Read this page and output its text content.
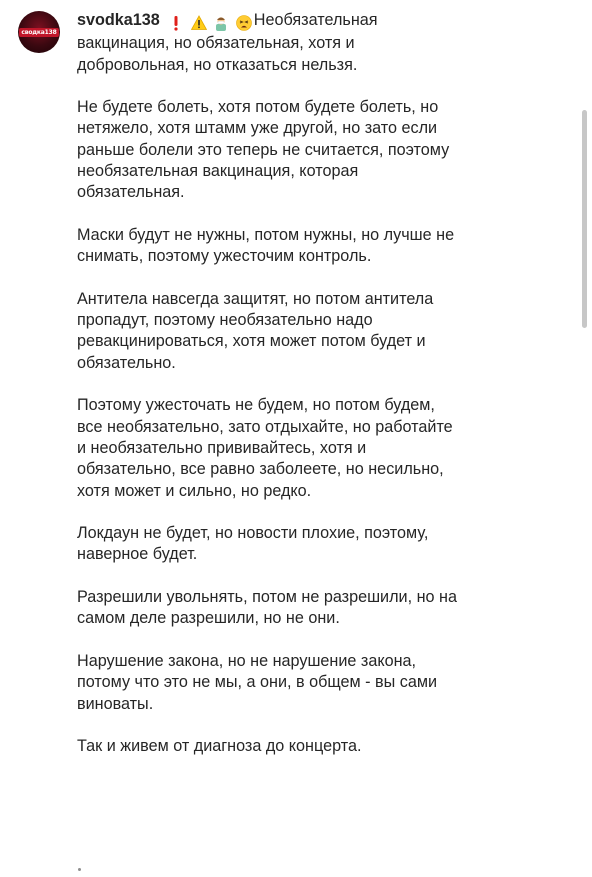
сводка138
svodka138	Необязательная
вакцинация, но обязательная, хотя и
добровольная, но отказаться нельзя.

Не будете болеть, хотя потом будете болеть, но
нетяжело, хотя штамм уже другой, но зато если
раньше болели это теперь не считается, поэтому
необязательная вакцинация, которая
обязательная.

Маски будут не нужны, потом нужны, но лучше не
снимать, поэтому ужесточим контроль.

Антитела навсегда защитят, но потом антитела
пропадут, поэтому необязательно надо
ревакцинироваться, хотя может потом будет и
обязательно.

Поэтому ужесточать не будем, но потом будем,
все необязательно, зато отдыхайте, но работайте
и необязательно прививайтесь, хотя и
обязательно, все равно заболеете, но несильно,
хотя может и сильно, но редко.

Локдаун не будет, но новости плохие, поэтому,
наверное будет.

Разрешили увольнять, потом не разрешили, но на
самом деле разрешили, но не они.

Нарушение закона, но не нарушение закона,
потому что это не мы, а они, в общем - вы сами
виноваты.

Так и живем от диагноза до концерта.
